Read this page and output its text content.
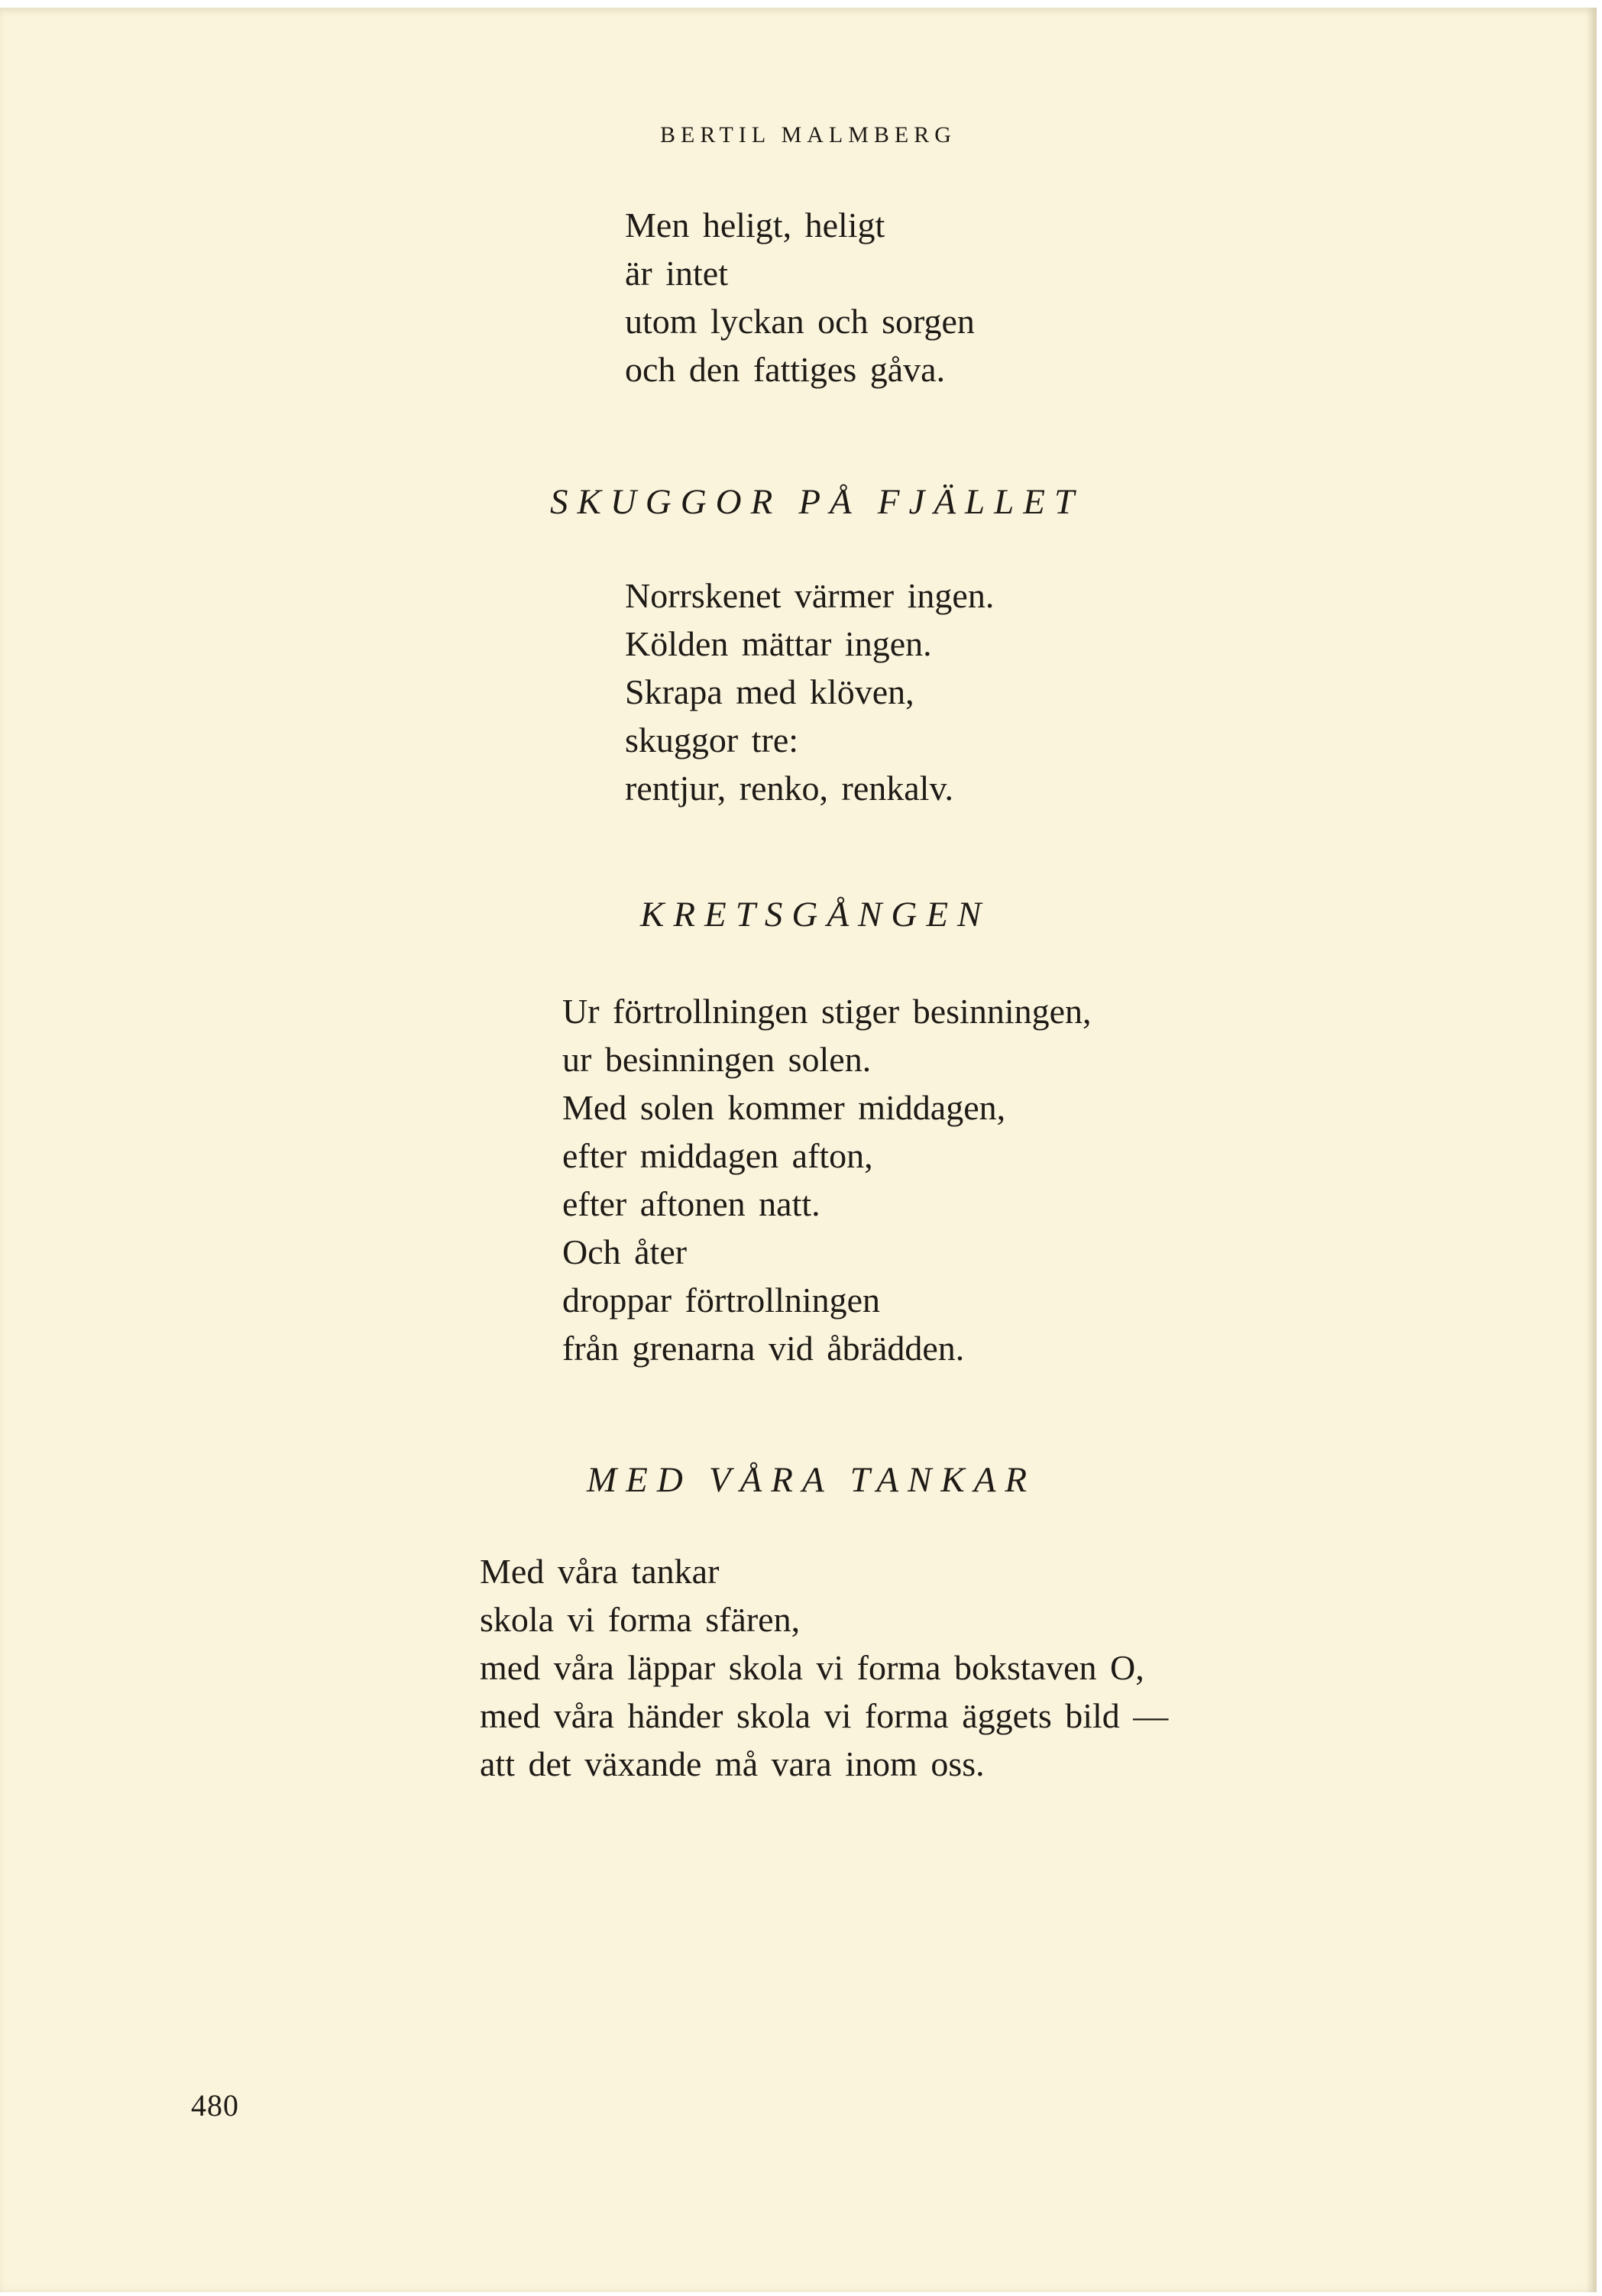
BERTIL MALMBERG
Men heligt, heligt
är intet
utom lyckan och sorgen
och den fattiges gåva.
SKUGGOR PÅ FJÄLLET
Norrskenet värmer ingen.
Kölden mättar ingen.
Skrapa med klöven,
skuggor tre:
rentjur, renko, renkalv.
KRETSGÅNGEN
Ur förtrollningen stiger besinningen,
ur besinningen solen.
Med solen kommer middagen,
efter middagen afton,
efter aftonen natt.
Och åter
droppar förtrollningen
från grenarna vid åbrädden.
MED VÅRA TANKAR
Med våra tankar
skola vi forma sfären,
med våra läppar skola vi forma bokstaven O,
med våra händer skola vi forma äggets bild —
att det växande må vara inom oss.
480
